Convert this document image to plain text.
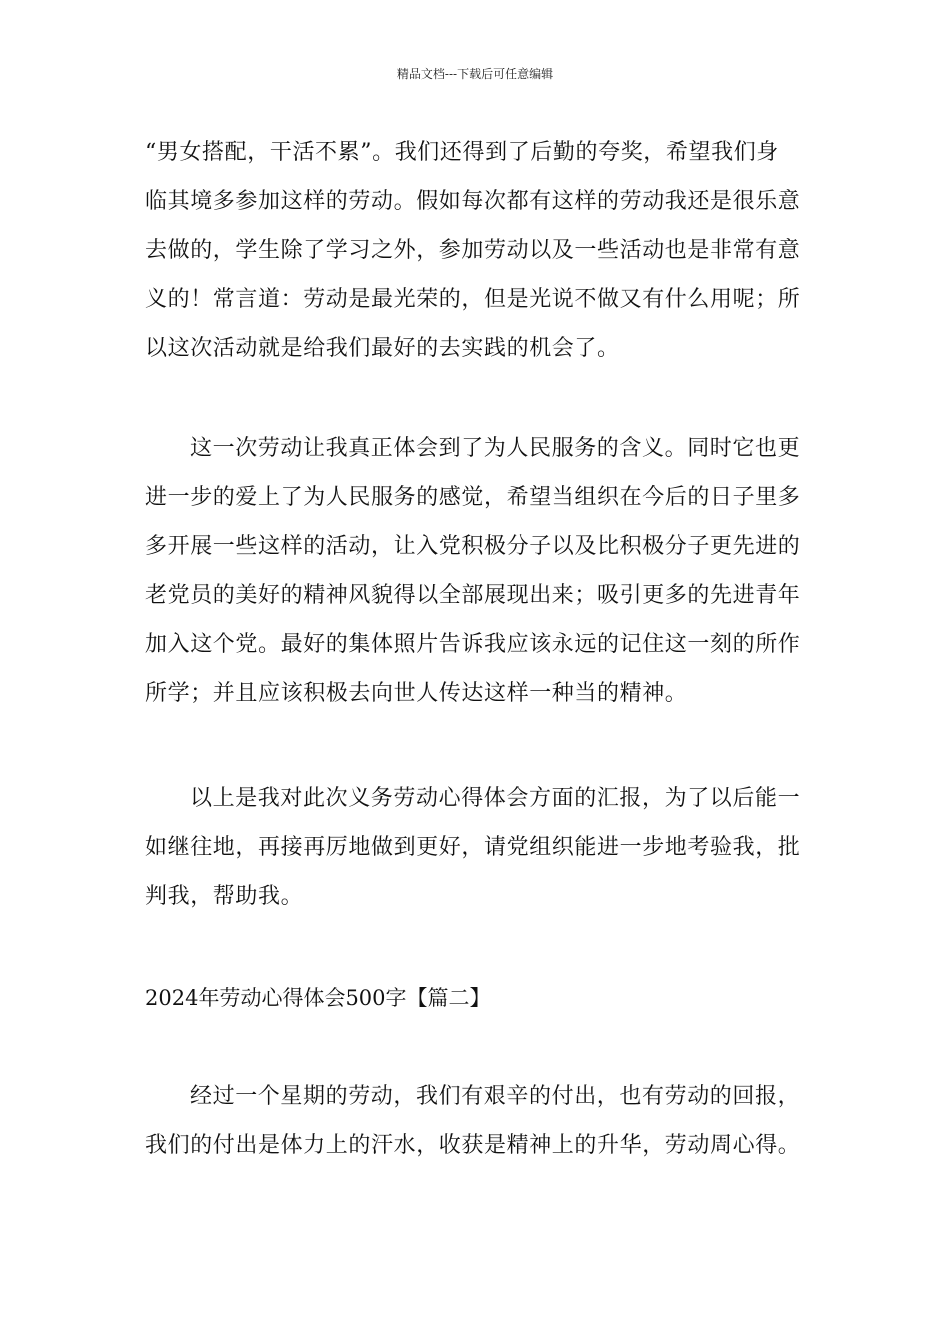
精品文档---下载后可任意编辑
“男女搭配，干活不累”。我们还得到了后勤的夸奖，希望我们身
临其境多参加这样的劳动。假如每次都有这样的劳动我还是很乐意
去做的，学生除了学习之外，参加劳动以及一些活动也是非常有意
义的！常言道：劳动是最光荣的，但是光说不做又有什么用呢；所
以这次活动就是给我们最好的去实践的机会了。
这一次劳动让我真正体会到了为人民服务的含义。同时它也更
进一步的爱上了为人民服务的感觉，希望当组织在今后的日子里多
多开展一些这样的活动，让入党积极分子以及比积极分子更先进的
老党员的美好的精神风貌得以全部展现出来；吸引更多的先进青年
加入这个党。最好的集体照片告诉我应该永远的记住这一刻的所作
所学；并且应该积极去向世人传达这样一种当的精神。
以上是我对此次义务劳动心得体会方面的汇报，为了以后能一
如继往地，再接再厉地做到更好，请党组织能进一步地考验我，批
判我，帮助我。
2024年劳动心得体会500字【篇二】
经过一个星期的劳动，我们有艰辛的付出，也有劳动的回报，
我们的付出是体力上的汗水，收获是精神上的升华，劳动周心得。
